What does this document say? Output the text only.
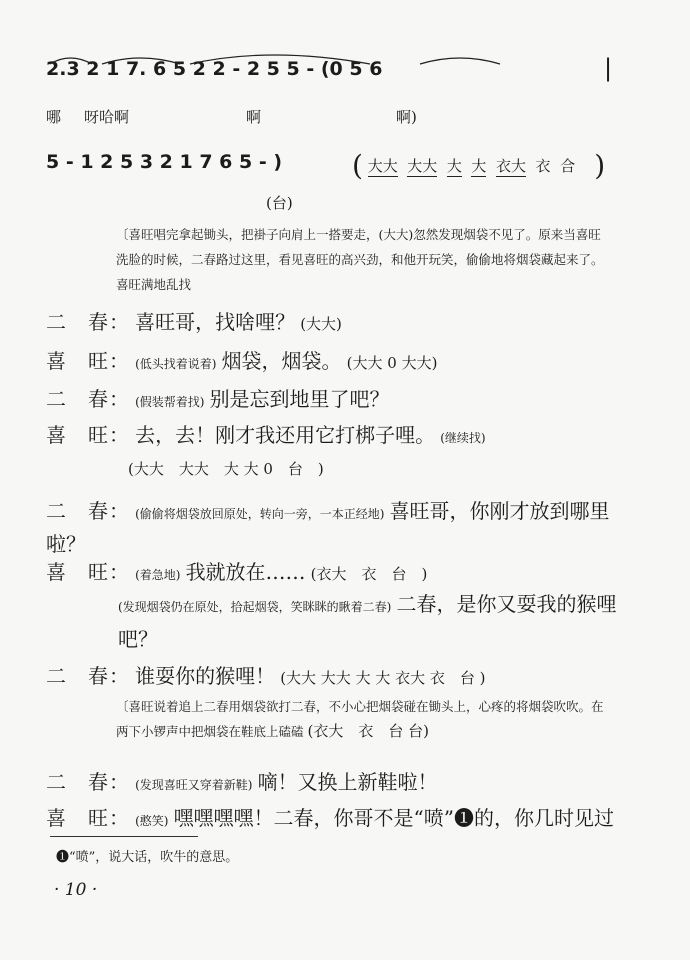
2.3 2 1 7. 6 5 2 2 - 2 5 5 - (0 5 6	|
哪 呀哈啊	啊	啊)
5 - 1 2 5 3 2 1 7 6 5 - ) ( 大大 大大 大 大 衣大 衣 合 )
(台)
〔喜旺唱完拿起锄头，把褂子向肩上一搭要走，(大大)忽然发现烟袋不见了。原来当喜旺洗脸的时候，二春路过这里，看见喜旺的高兴劲，和他开玩笑，偷偷地将烟袋藏起来了。喜旺满地乱找
二　春： 喜旺哥，找啥哩？ (大大)
喜　旺： (低头找着说着) 烟袋，烟袋。 (大大 0 大大)
二　春： (假装帮着找) 别是忘到地里了吧？
喜　旺： 去，去！刚才我还用它打梆子哩。 (继续找)
(大大　大大　大 大 0　台　)
二　春： (偷偷将烟袋放回原处，转向一旁，一本正经地) 喜旺哥，你刚才放到哪里啦？
喜　旺： (着急地) 我就放在…… (衣大　衣　台　)
(发现烟袋仍在原处，拾起烟袋，笑眯眯的瞅着二春) 二春，是你又耍我的猴哩吧？
二　春： 谁耍你的猴哩！ (大大 大大 大 大 衣大 衣　台 )
〔喜旺说着追上二春用烟袋欲打二春，不小心把烟袋碰在锄头上，心疼的将烟袋吹吹。在两下小锣声中把烟袋在鞋底上磕磕 (衣大　衣　台 台)
二　春： (发现喜旺又穿着新鞋) 嘀！又换上新鞋啦！
喜　旺： (憨笑) 嘿嘿嘿嘿！二春，你哥不是“喷”❶的，你几时见过
❶“喷”，说大话，吹牛的意思。
· 10 ·
